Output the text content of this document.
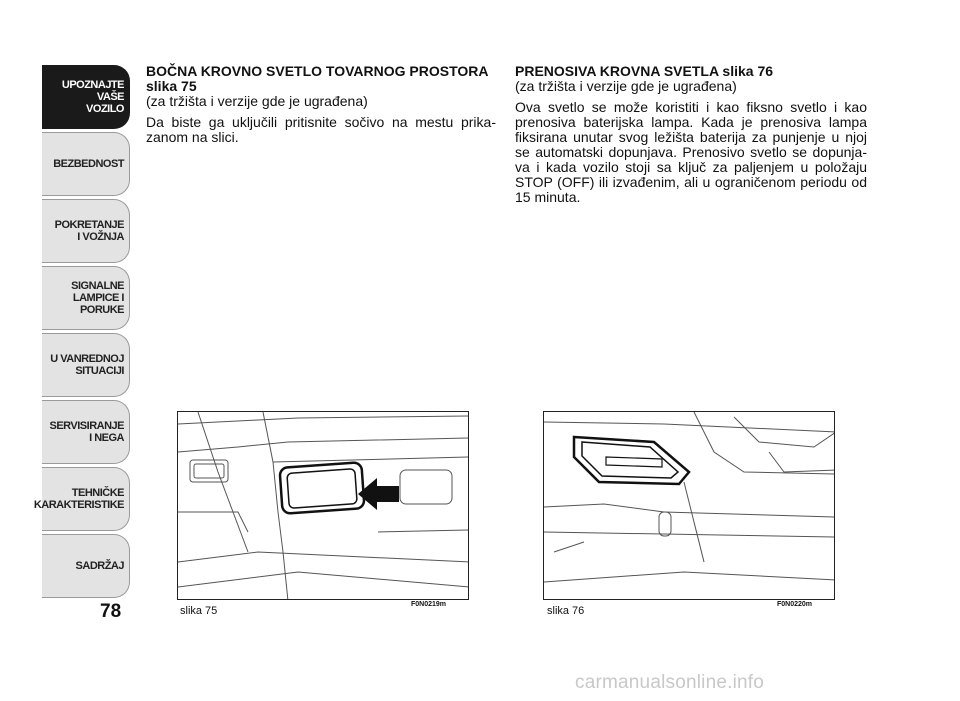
UPOZNAJTE
VAŠE
VOZILO
BEZBEDNOST
POKRETANJE
I VOŽNJA
SIGNALNE
LAMPICE I PORUKE
U VANREDNOJ
SITUACIJI
SERVISIRANJE
I NEGA
TEHNIČKE
KARAKTERISTIKE
SADRŽAJ
78

BOČNA KROVNO SVETLO TOVARNOG PROSTORA slika 75

(za tržišta i verzije gde je ugrađena)

Da biste ga uključili pritisnite sočivo na mestu prika-zanom na slici.

PRENOSIVA KROVNA SVETLA slika 76

(za tržišta i verzije gde je ugrađena)

Ova svetlo se može koristiti i kao fiksno svetlo i kao prenosiva baterijska lampa. Kada je prenosiva lampa fiksirana unutar svog ležišta baterija za punjenje u njoj se automatski dopunjava. Prenosivo svetlo se dopunja-va i kada vozilo stoji sa ključ za paljenjem u položaju STOP (OFF) ili izvađenim, ali u ograničenom periodu od 15 minuta.

slika 75
F0N0219m
slika 76
F0N0220m
carmanualsonline.info
